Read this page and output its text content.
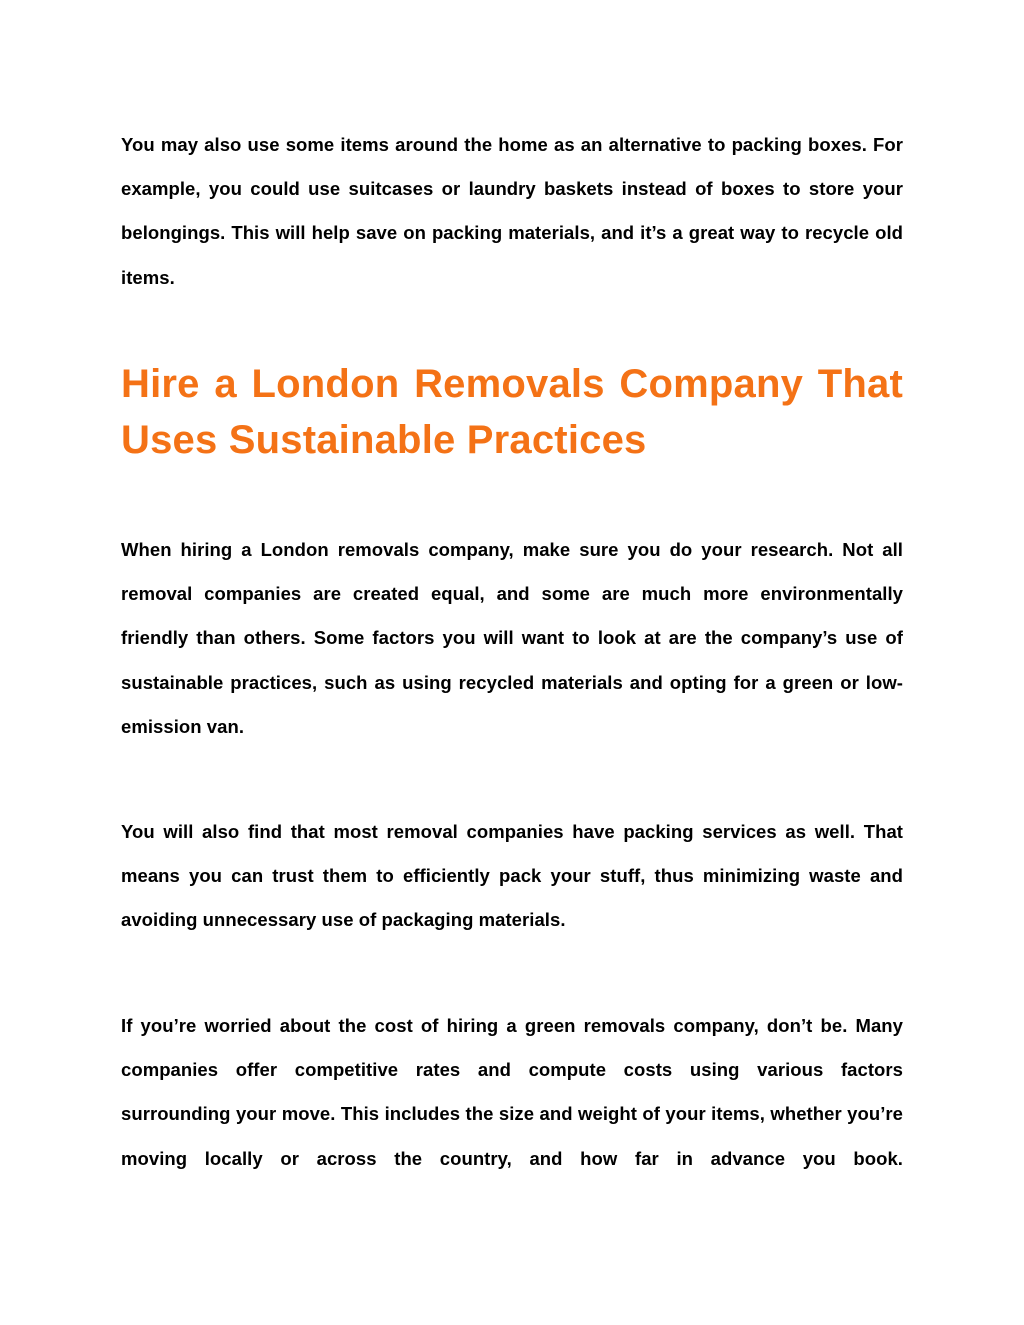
You may also use some items around the home as an alternative to packing boxes. For example, you could use suitcases or laundry baskets instead of boxes to store your belongings. This will help save on packing materials, and it’s a great way to recycle old items.

Hire a London Removals Company That Uses Sustainable Practices

When hiring a London removals company, make sure you do your research. Not all removal companies are created equal, and some are much more environmentally friendly than others. Some factors you will want to look at are the company’s use of sustainable practices, such as using recycled materials and opting for a green or low-emission van.

You will also find that most removal companies have packing services as well. That means you can trust them to efficiently pack your stuff, thus minimizing waste and avoiding unnecessary use of packaging materials.

If you’re worried about the cost of hiring a green removals company, don’t be. Many companies offer competitive rates and compute costs using various factors surrounding your move. This includes the size and weight of your items, whether you’re moving locally or across the country, and how far in advance you book.
